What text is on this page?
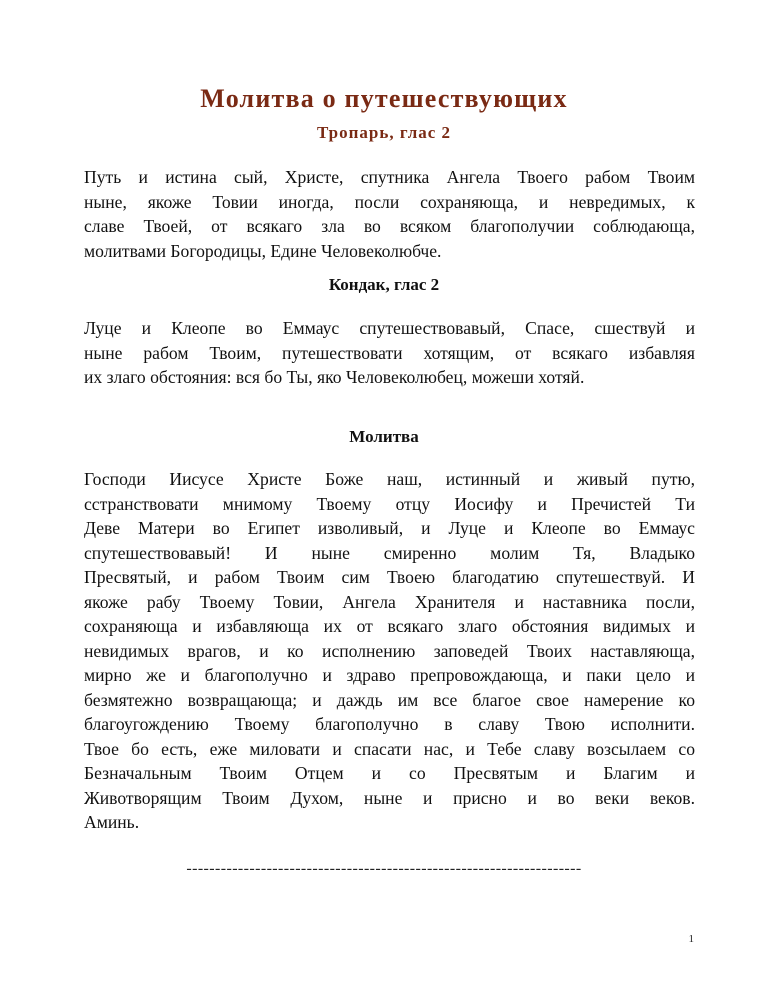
Молитва о путешествующих
Тропарь, глас 2
Путь и истина сый, Христе, спутника Ангела Твоего рабом Твоим
ныне, якоже Товии иногда, посли сохраняюща, и невредимых, к
славе Твоей, от всякаго зла во всяком благополучии соблюдающа,
молитвами Богородицы, Едине Человеколюбче.
Кондак, глас 2
Луце и Клеопе во Еммаус спутешествовавый, Спасе, сшествуй и
ныне рабом Твоим, путешествовати хотящим, от всякаго избавляя
их злаго обстояния: вся бо Ты, яко Человеколюбец, можеши хотяй.
Молитва
Господи Иисусе Христе Боже наш, истинный и живый путю,
сстранствовати мнимому Твоему отцу Иосифу и Пречистей Ти
Деве Матери во Египет изволивый, и Луце и Клеопе во Еммаус
спутешествовавый! И ныне смиренно молим Тя, Владыко
Пресвятый, и рабом Твоим сим Твоею благодатию спутешествуй. И
якоже рабу Твоему Товии, Ангела Хранителя и наставника посли,
сохраняюща и избавляюща их от всякаго злаго обстояния видимых и
невидимых врагов, и ко исполнению заповедей Твоих наставляюща,
мирно же и благополучно и здраво препровождающа, и паки цело и
безмятежно возвращающа; и даждь им все благое свое намерение ко
благоугождению Твоему благополучно в славу Твою исполнити.
Твое бо есть, еже миловати и спасати нас, и Тебе славу возсылаем со
Безначальным Твоим Отцем и со Пресвятым и Благим и
Животворящим Твоим Духом, ныне и присно и во веки веков.
Аминь.
---------------------------------------------------------------------
1
